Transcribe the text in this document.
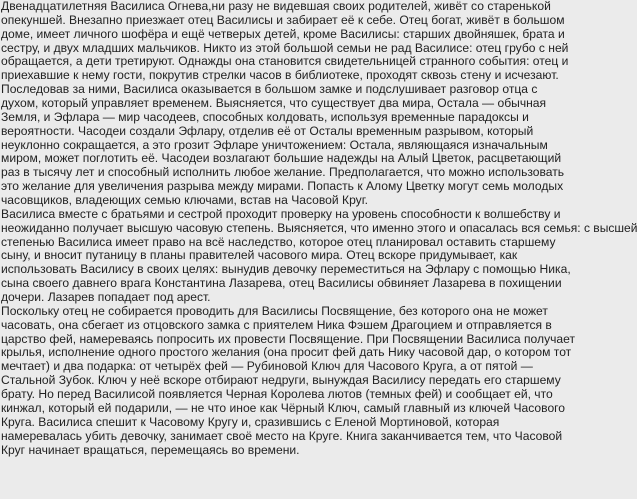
Двенадцатилетняя Василиса Огнева,ни разу не видевшая своих родителей, живёт со старенькой
опекуншей. Внезапно приезжает отец Василисы и забирает её к себе. Отец богат, живёт в большом
доме, имеет личного шофёра и ещё четверых детей, кроме Василисы: старших двойняшек, брата и
сестру, и двух младших мальчиков. Никто из этой большой семьи не рад Василисе: отец грубо с ней
обращается, а дети третируют. Однажды она становится свидетельницей странного события: отец и
приехавшие к нему гости, покрутив стрелки часов в библиотеке, проходят сквозь стену и исчезают.
Последовав за ними, Василиса оказывается в большом замке и подслушивает разговор отца с
духом, который управляет временем. Выясняется, что существует два мира, Остала — обычная
Земля, и Эфлара — мир часодеев, способных колдовать, используя временные парадоксы и
вероятности. Часодеи создали Эфлару, отделив её от Осталы временным разрывом, который
неуклонно сокращается, а это грозит Эфларе уничтожением: Остала, являющаяся изначальным
миром, может поглотить её. Часодеи возлагают большие надежды на Алый Цветок, расцветающий
раз в тысячу лет и способный исполнить любое желание. Предполагается, что можно использовать
это желание для увеличения разрыва между мирами. Попасть к Алому Цветку могут семь молодых
часовщиков, владеющих семью ключами, встав на Часовой Круг.
Василиса вместе с братьями и сестрой проходит проверку на уровень способности к волшебству и
неожиданно получает высшую часовую степень. Выясняется, что именно этого и опасалась вся семья: с высшей
степенью Василиса имеет право на всё наследство, которое отец планировал оставить старшему
сыну, и вносит путаницу в планы правителей часового мира. Отец вскоре придумывает, как
использовать Василису в своих целях: вынудив девочку переместиться на Эфлару с помощью Ника,
сына своего давнего врага Константина Лазарева, отец Василисы обвиняет Лазарева в похищении
дочери. Лазарев попадает под арест.
Поскольку отец не собирается проводить для Василисы Посвящение, без которого она не может
часовать, она сбегает из отцовского замка с приятелем Ника Фэшем Драгоцием и отправляется в
царство фей, намереваясь попросить их провести Посвящение. При Посвящении Василиса получает
крылья, исполнение одного простого желания (она просит фей дать Нику часовой дар, о котором тот
мечтает) и два подарка: от четырёх фей — Рубиновой Ключ для Часового Круга, а от пятой —
Стальной Зубок. Ключ у неё вскоре отбирают недруги, вынуждая Василису передать его старшему
брату. Но перед Василисой появляется Черная Королева лютов (темных фей) и сообщает ей, что
кинжал, который ей подарили, — не что иное как Чёрный Ключ, самый главный из ключей Часового
Круга. Василиса спешит к Часовому Кругу и, сразившись с Еленой Мортиновой, которая
намеревалась убить девочку, занимает своё место на Круге. Книга заканчивается тем, что Часовой
Круг начинает вращаться, перемещаясь во времени.
